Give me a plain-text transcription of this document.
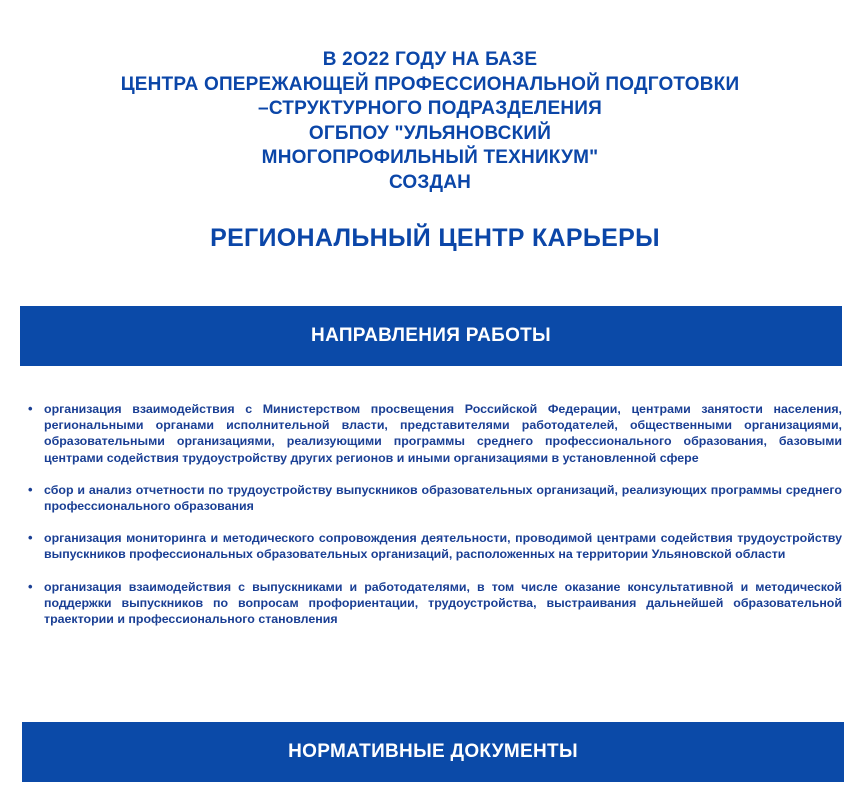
В 2О22 ГОДУ НА БАЗЕ
ЦЕНТРА ОПЕРЕЖАЮЩЕЙ ПРОФЕССИОНАЛЬНОЙ ПОДГОТОВКИ
–СТРУКТУРНОГО ПОДРАЗДЕЛЕНИЯ
ОГБПОУ "УЛЬЯНОВСКИЙ
МНОГОПРОФИЛЬНЫЙ ТЕХНИКУМ"
СОЗДАН
РЕГИОНАЛЬНЫЙ ЦЕНТР КАРЬЕРЫ
НАПРАВЛЕНИЯ РАБОТЫ
• организация взаимодействия с Министерством просвещения Российской Федерации, центрами занятости населения, региональными органами исполнительной власти, представителями работодателей, общественными организациями, образовательными организациями, реализующими программы среднего профессионального образования, базовыми центрами содействия трудоустройству других регионов и иными организациями в установленной сфере
• сбор и анализ отчетности по трудоустройству выпускников образовательных организаций, реализующих программы среднего профессионального образования
• организация мониторинга и методического сопровождения деятельности, проводимой центрами содействия трудоустройству выпускников профессиональных образовательных организаций, расположенных на территории Ульяновской области
• организация взаимодействия с выпускниками и работодателями, в том числе оказание консультативной и методической поддержки выпускников по вопросам профориентации, трудоустройства, выстраивания дальнейшей образовательной траектории и профессионального становления
НОРМАТИВНЫЕ ДОКУМЕНТЫ
